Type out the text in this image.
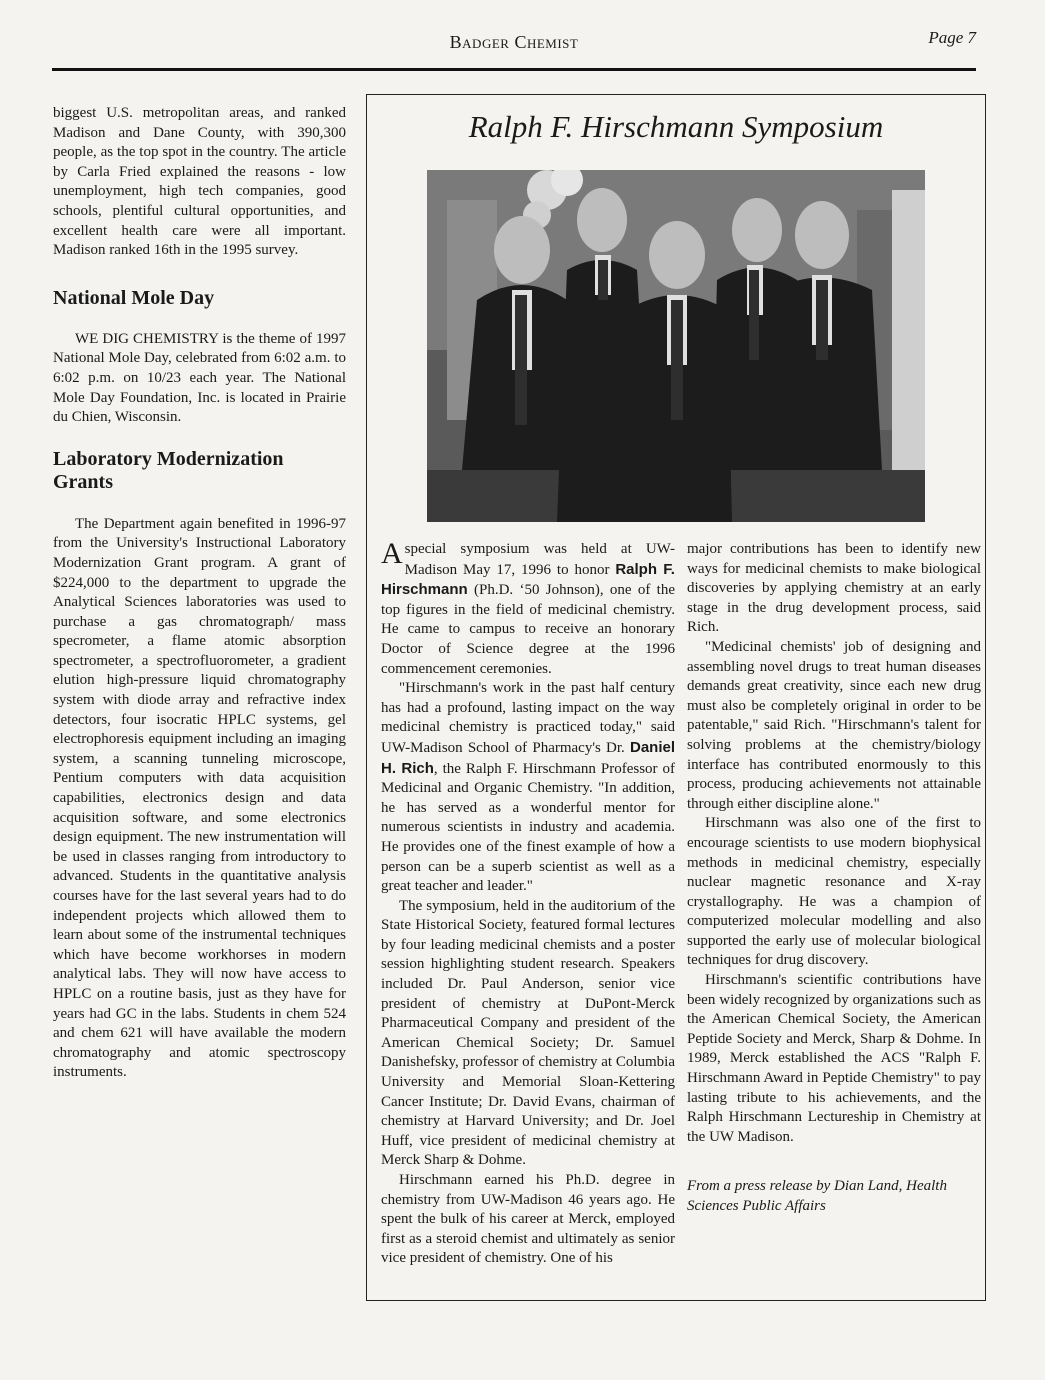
Badger Chemist	Page 7

biggest U.S. metropolitan areas, and ranked Madison and Dane County, with 390,300 people, as the top spot in the country. The article by Carla Fried explained the reasons - low unemployment, high tech companies, good schools, plentiful cultural opportunities, and excellent health care were all important. Madison ranked 16th in the 1995 survey.

National Mole Day

WE DIG CHEMISTRY is the theme of 1997 National Mole Day, celebrated from 6:02 a.m. to 6:02 p.m. on 10/23 each year. The National Mole Day Foundation, Inc. is located in Prairie du Chien, Wisconsin.

Laboratory Modernization Grants

The Department again benefited in 1996-97 from the University's Instructional Laboratory Modernization Grant program. A grant of $224,000 to the department to upgrade the Analytical Sciences laboratories was used to purchase a gas chromatograph/ mass specrometer, a flame atomic absorption spectrometer, a spectrofluorometer, a gradient elution high-pressure liquid chromatography system with diode array and refractive index detectors, four isocratic HPLC systems, gel electrophoresis equipment including an imaging system, a scanning tunneling microscope, Pentium computers with data acquisition capabilities, electronics design and data acquisition software, and some electronics design equipment. The new instrumentation will be used in classes ranging from introductory to advanced. Students in the quantitative analysis courses have for the last several years had to do independent projects which allowed them to learn about some of the instrumental techniques which have become workhorses in modern analytical labs. They will now have access to HPLC on a routine basis, just as they have for years had GC in the labs. Students in chem 524 and chem 621 will have available the modern chromatography and atomic spectroscopy instruments.

Ralph F. Hirschmann Symposium

A special symposium was held at UW-Madison May 17, 1996 to honor Ralph F. Hirschmann (Ph.D. ‘50 Johnson), one of the top figures in the field of medicinal chemistry. He came to campus to receive an honorary Doctor of Science degree at the 1996 commencement ceremonies.

"Hirschmann's work in the past half century has had a profound, lasting impact on the way medicinal chemistry is practiced today," said UW-Madison School of Pharmacy's Dr. Daniel H. Rich, the Ralph F. Hirschmann Professor of Medicinal and Organic Chemistry. "In addition, he has served as a wonderful mentor for numerous scientists in industry and academia. He provides one of the finest example of how a person can be a superb scientist as well as a great teacher and leader."

The symposium, held in the auditorium of the State Historical Society, featured formal lectures by four leading medicinal chemists and a poster session highlighting student research. Speakers included Dr. Paul Anderson, senior vice president of chemistry at DuPont-Merck Pharmaceutical Company and president of the American Chemical Society; Dr. Samuel Danishefsky, professor of chemistry at Columbia University and Memorial Sloan-Kettering Cancer Institute; Dr. David Evans, chairman of chemistry at Harvard University; and Dr. Joel Huff, vice president of medicinal chemistry at Merck Sharp & Dohme.

Hirschmann earned his Ph.D. degree in chemistry from UW-Madison 46 years ago. He spent the bulk of his career at Merck, employed first as a steroid chemist and ultimately as senior vice president of chemistry. One of his

major contributions has been to identify new ways for medicinal chemists to make biological discoveries by applying chemistry at an early stage in the drug development process, said Rich.

"Medicinal chemists' job of designing and assembling novel drugs to treat human diseases demands great creativity, since each new drug must also be completely original in order to be patentable," said Rich. "Hirschmann's talent for solving problems at the chemistry/biology interface has contributed enormously to this process, producing achievements not attainable through either discipline alone."

Hirschmann was also one of the first to encourage scientists to use modern biophysical methods in medicinal chemistry, especially nuclear magnetic resonance and X-ray crystallography. He was a champion of computerized molecular modelling and also supported the early use of molecular biological techniques for drug discovery.

Hirschmann's scientific contributions have been widely recognized by organizations such as the American Chemical Society, the American Peptide Society and Merck, Sharp & Dohme. In 1989, Merck established the ACS "Ralph F. Hirschmann Award in Peptide Chemistry" to pay lasting tribute to his achievements, and the Ralph Hirschmann Lectureship in Chemistry at the UW Madison.

From a press release by Dian Land, Health Sciences Public Affairs
